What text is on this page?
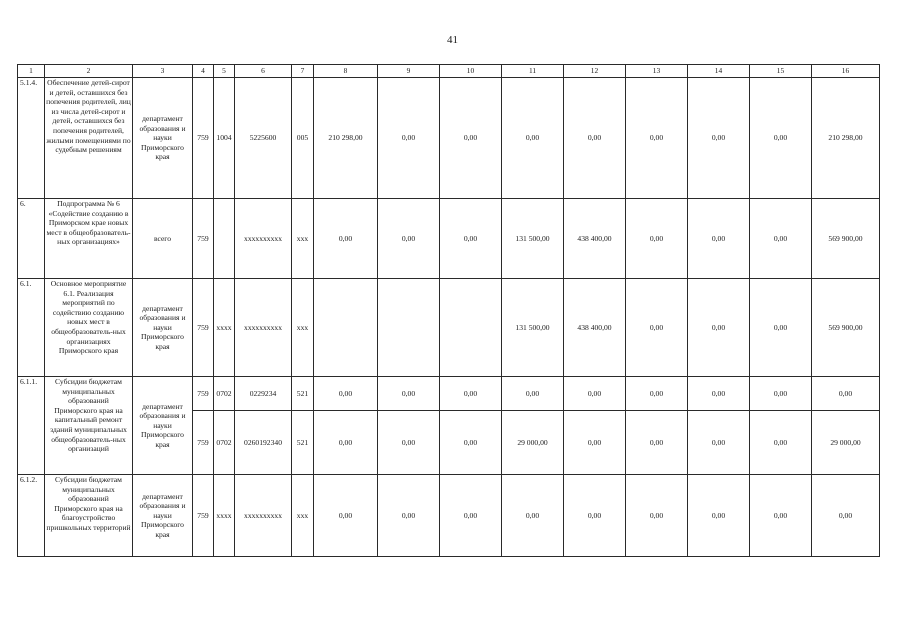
41
1	2	3	4	5	6	7	8	9	10	11	12	13	14	15	16
5.1.4.	Обеспечение детей-сирот и детей, оставшихся без попечения родителей, лиц из числа детей-сирот и детей, оставшихся без попечения родителей, жилыми помещениями по судебным решениям	департамент образования и науки Приморского края	759	1004	5225600	005	210 298,00	0,00	0,00	0,00	0,00	0,00	0,00	0,00	210 298,00
6.	Подпрограмма № 6 «Содействие созданию в Приморском крае новых мест в общеобразователь-ных организациях»	всего	759		xxxxxxxxxx	xxx	0,00	0,00	0,00	131 500,00	438 400,00	0,00	0,00	0,00	569 900,00
6.1.	Основное мероприятие 6.1. Реализация мероприятий по содействию созданию новых мест в общеобразователь-ных организациях Приморского края	департамент образования и науки Приморского края	759	xxxx	xxxxxxxxxx	xxx				131 500,00	438 400,00	0,00	0,00	0,00	569 900,00
6.1.1.	Субсидии бюджетам муниципальных образований Приморского края на капитальный ремонт зданий муниципальных общеобразователь-ных организаций	департамент образования и науки Приморского края	759	0702	0229234	521	0,00	0,00	0,00	0,00	0,00	0,00	0,00	0,00	0,00
			759	0702	0260192340	521	0,00	0,00	0,00	29 000,00	0,00	0,00	0,00	0,00	29 000,00
6.1.2.	Субсидии бюджетам муниципальных образований Приморского края на благоустройство пришкольных территорий	департамент образования и науки Приморского края	759	xxxx	xxxxxxxxxx	xxx	0,00	0,00	0,00	0,00	0,00	0,00	0,00	0,00	0,00
